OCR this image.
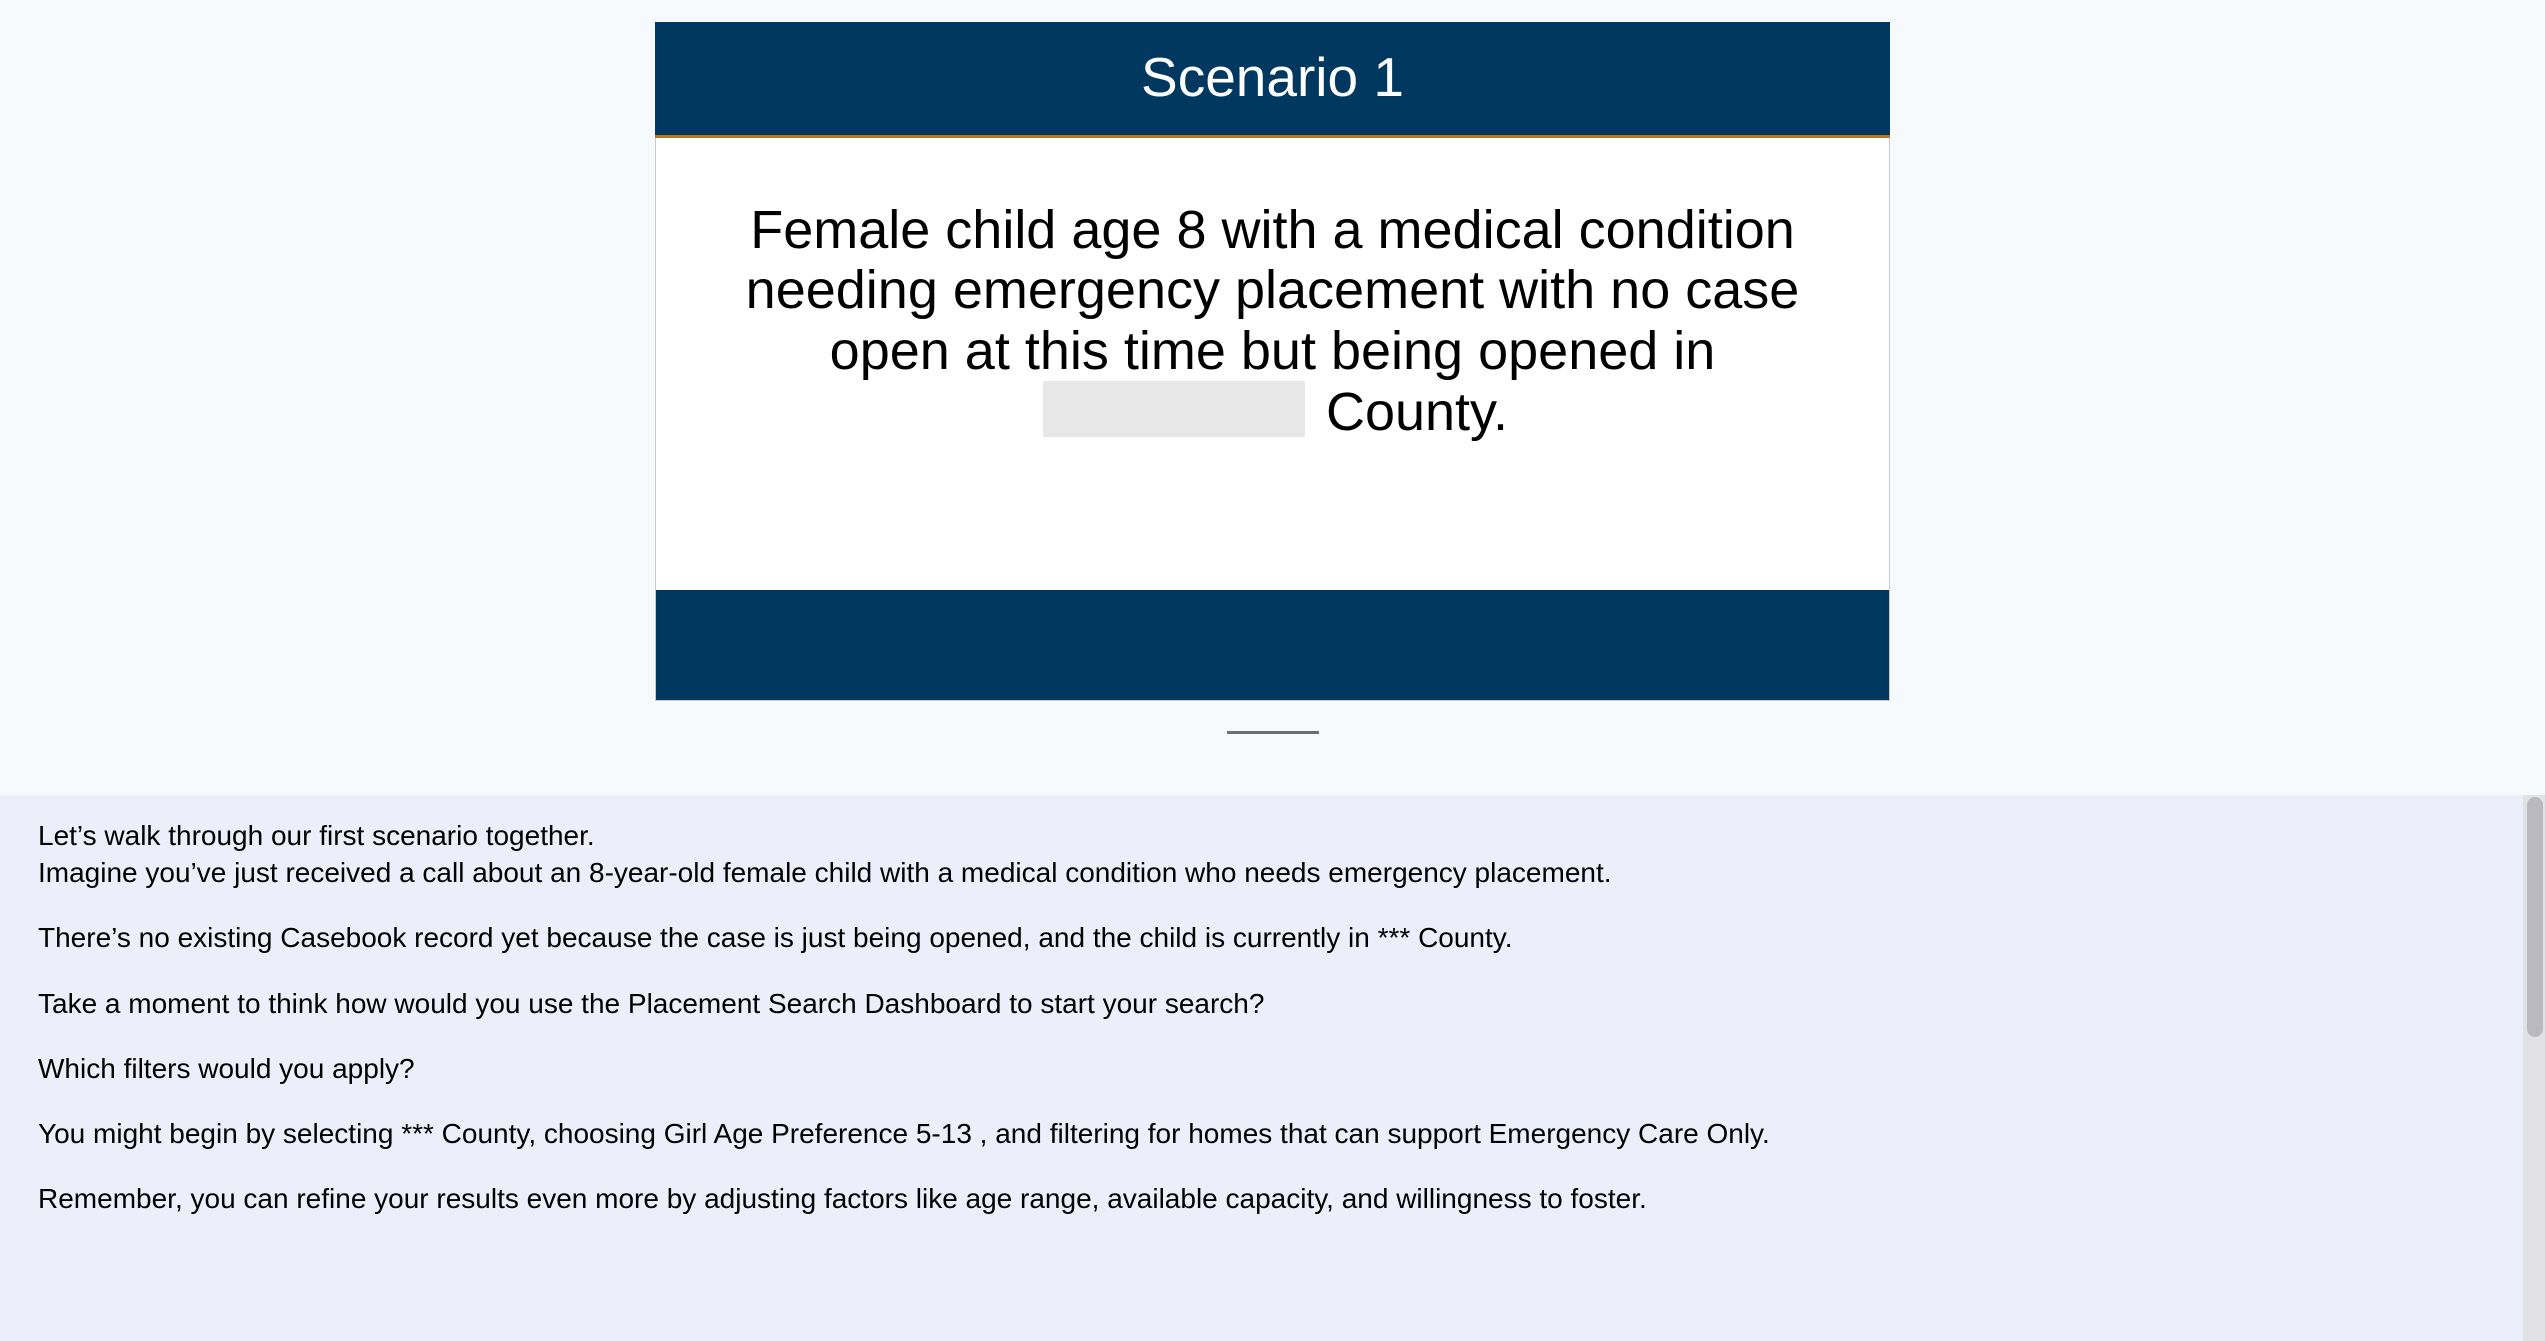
Scenario 1
Female child age 8 with a medical condition needing emergency placement with no case open at this time but being opened in  County.
Let’s walk through our first scenario together.
Imagine you’ve just received a call about an 8-year-old female child with a medical condition who needs emergency placement.
There’s no existing Casebook record yet because the case is just being opened, and the child is currently in *** County.
Take a moment to think how would you use the Placement Search Dashboard to start your search?
Which filters would you apply?
You might begin by selecting *** County, choosing Girl Age Preference 5-13 , and filtering for homes that can support Emergency Care Only.
Remember, you can refine your results even more by adjusting factors like age range, available capacity, and willingness to foster.
